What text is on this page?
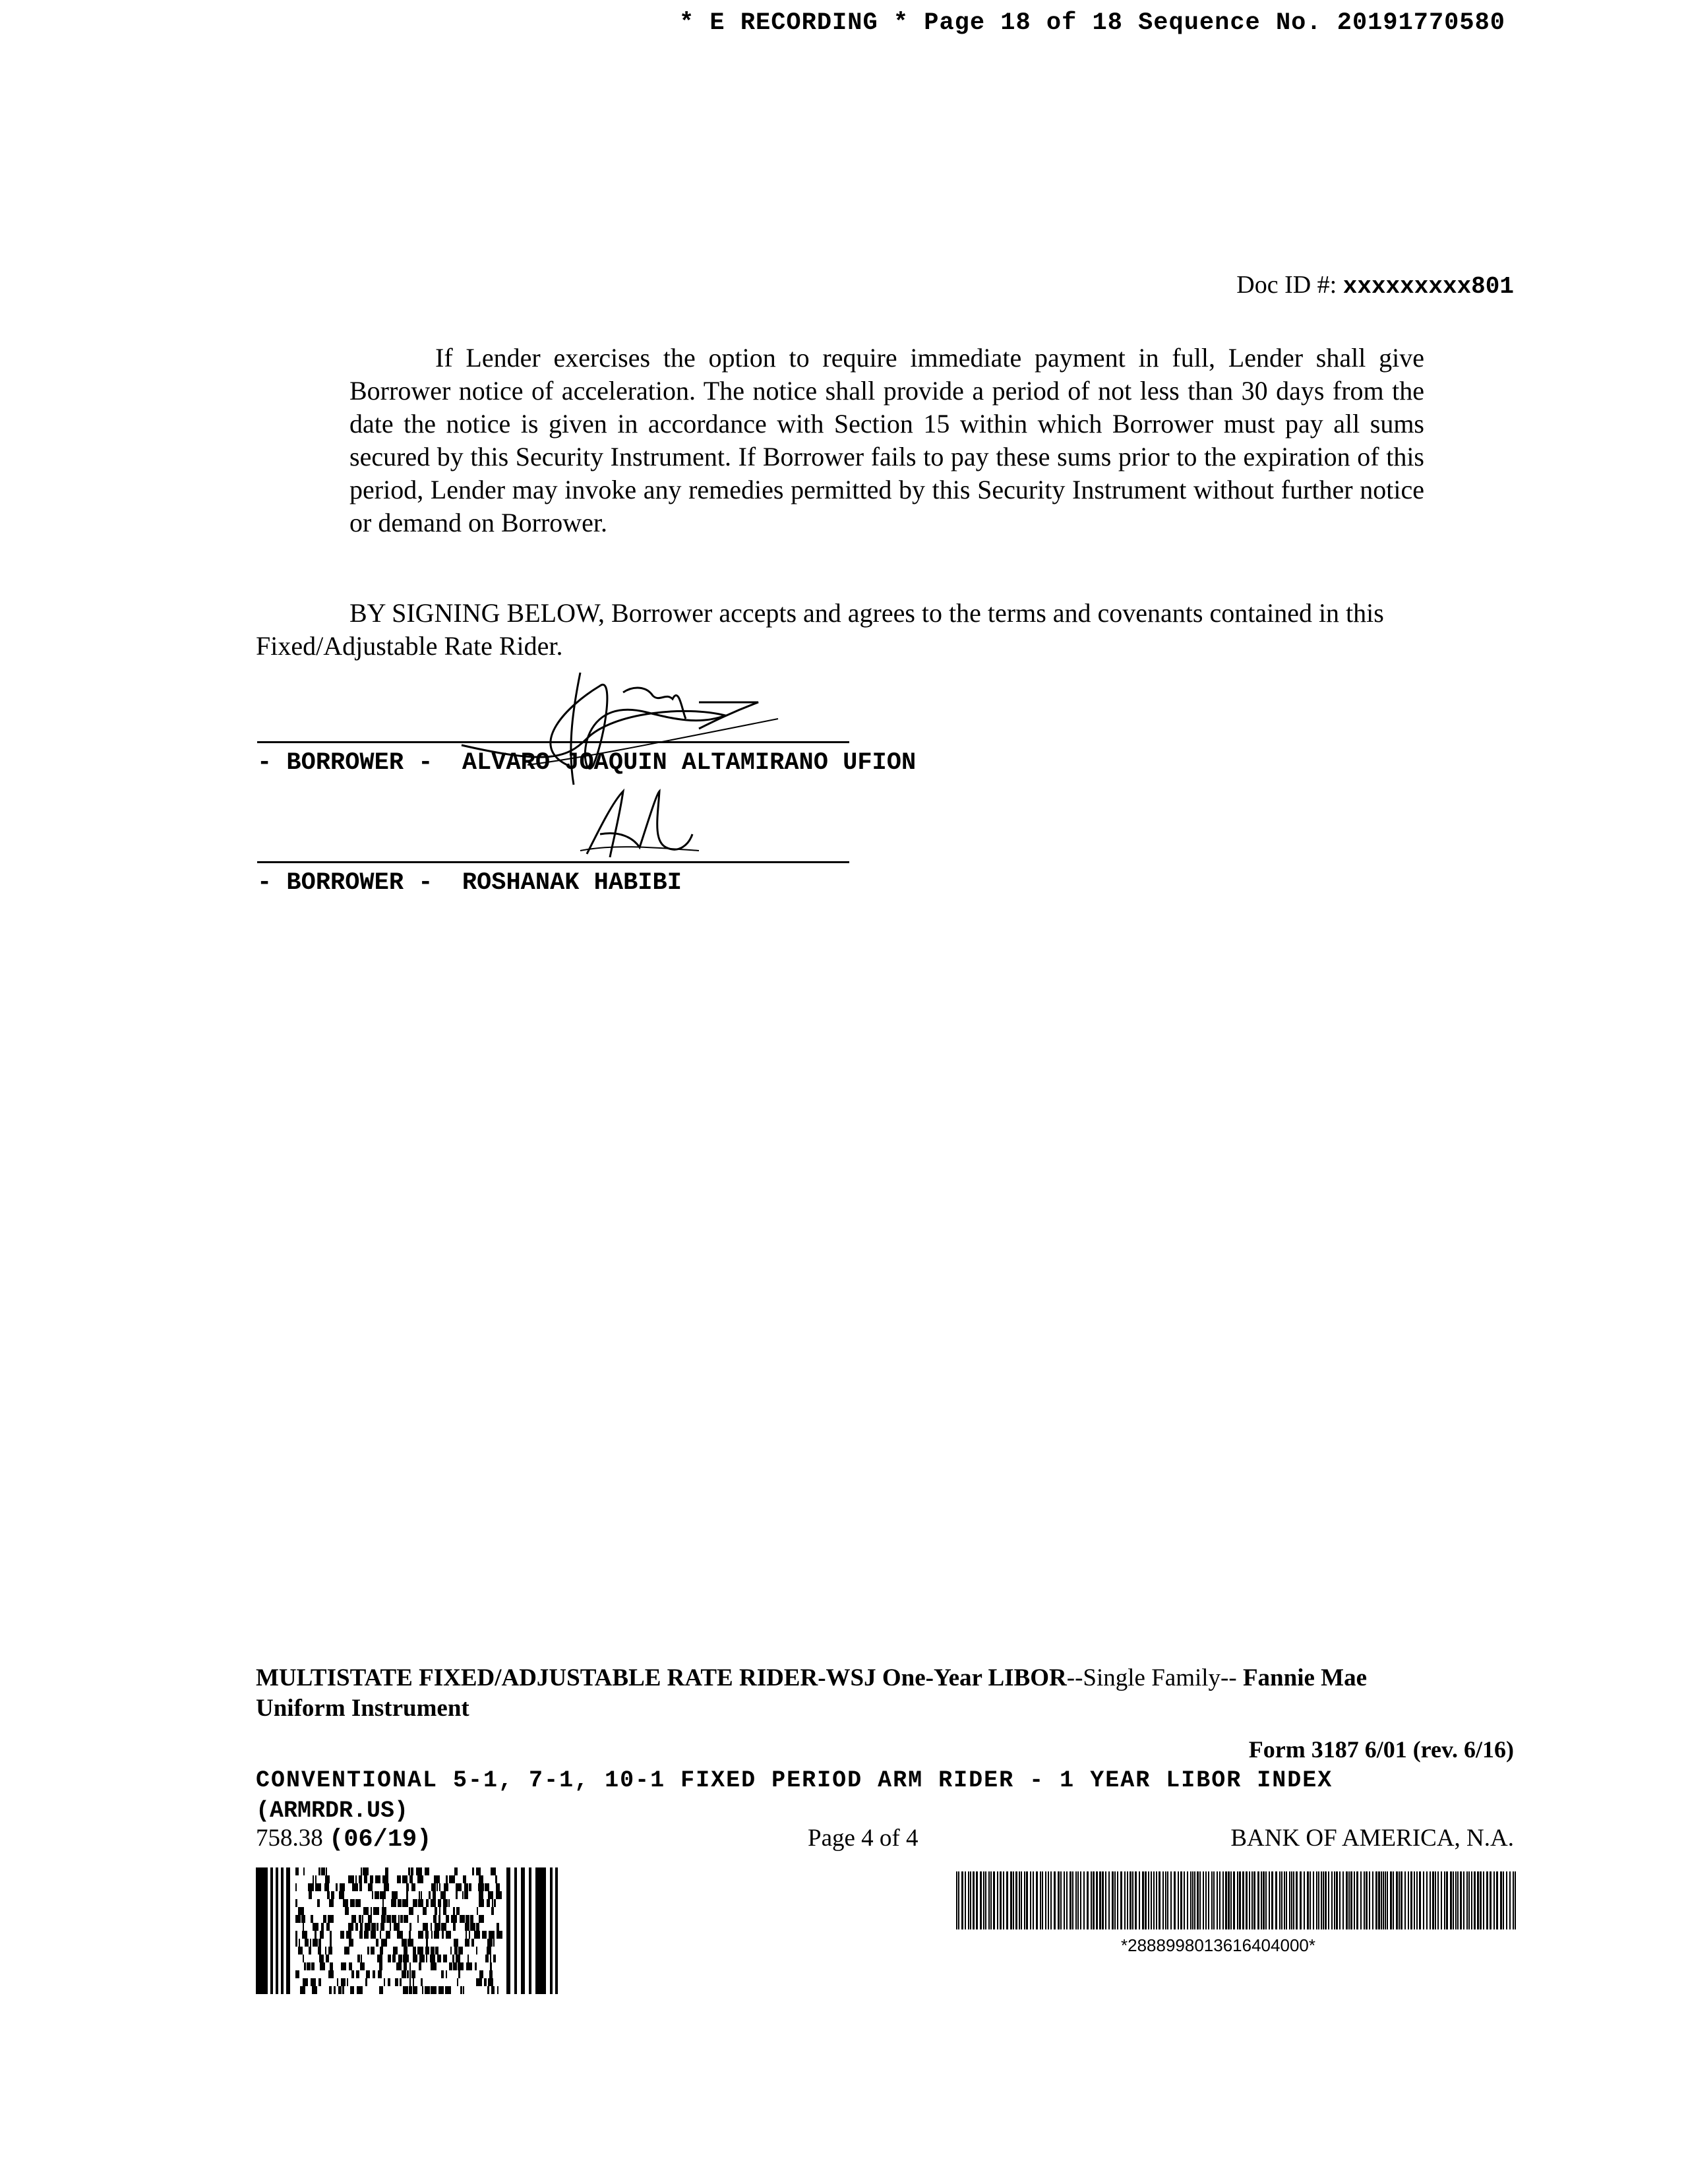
* E RECORDING * Page 18 of 18 Sequence No. 20191770580
Doc ID #: xxxxxxxxx801

If Lender exercises the option to require immediate payment in full, Lender shall give Borrower notice of acceleration. The notice shall provide a period of not less than 30 days from the date the notice is given in accordance with Section 15 within which Borrower must pay all sums secured by this Security Instrument. If Borrower fails to pay these sums prior to the expiration of this period, Lender may invoke any remedies permitted by this Security Instrument without further notice or demand on Borrower.

BY SIGNING BELOW, Borrower accepts and agrees to the terms and covenants contained in this Fixed/Adjustable Rate Rider.

- BORROWER -  ALVARO JOAQUIN ALTAMIRANO UFION
- BORROWER -  ROSHANAK HABIBI
MULTISTATE FIXED/ADJUSTABLE RATE RIDER-WSJ One-Year LIBOR--Single Family-- Fannie Mae
Uniform Instrument
Form 3187 6/01 (rev. 6/16)
CONVENTIONAL 5-1, 7-1, 10-1 FIXED PERIOD ARM RIDER - 1 YEAR LIBOR INDEX
(ARMRDR.US)
758.38 (06/19)	Page 4 of 4	BANK OF AMERICA, N.A.
*2888998013616404000*
